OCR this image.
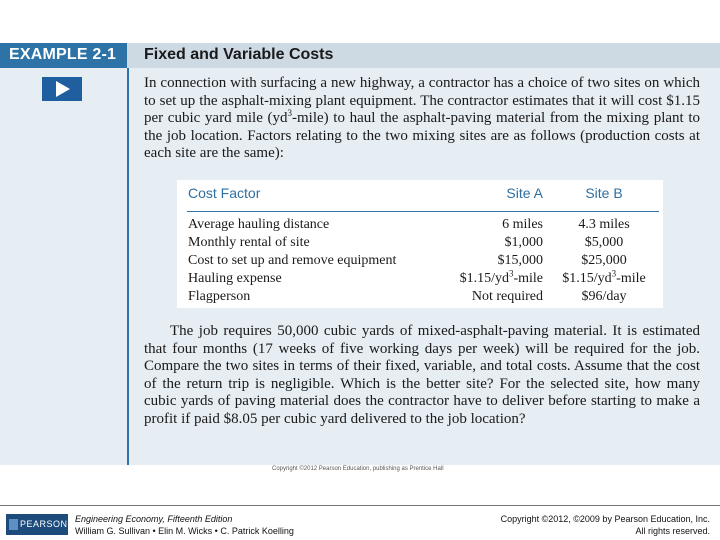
EXAMPLE 2-1 Fixed and Variable Costs

In connection with surfacing a new highway, a contractor has a choice of two sites on which to set up the asphalt-mixing plant equipment. The contractor estimates that it will cost $1.15 per cubic yard mile $(yd^3-mile)$ to haul the asphalt-paving material from the mixing plant to the job location. Factors relating to the two mixing sites are as follows (production costs at each site are the same):

Cost Factor	Site A	Site B
Average hauling distance	6 miles	4.3 miles
Monthly rental of site	$1,000	$5,000
Cost to set up and remove equipment	$15,000	$25,000
Hauling expense	$\$1.15/yd^3$-mile	$\$1.15/yd^3$-mile
Flagperson	Not required	$96/day

The job requires 50,000 cubic yards of mixed-asphalt-paving material. It is estimated that four months (17 weeks of five working days per week) will be required for the job. Compare the two sites in terms of their fixed, variable, and total costs. Assume that the cost of the return trip is negligible. Which is the better site? For the selected site, how many cubic yards of paving material does the contractor have to deliver before starting to make a profit if paid $8.05 per cubic yard delivered to the job location?

Copyright ©2012 Pearson Education, publishing as Prentice Hall
PEARSON Engineering Economy, Fifteenth Edition
William G. Sullivan • Elin M. Wicks • C. Patrick Koelling
Copyright ©2012, ©2009 by Pearson Education, Inc.
All rights reserved.
